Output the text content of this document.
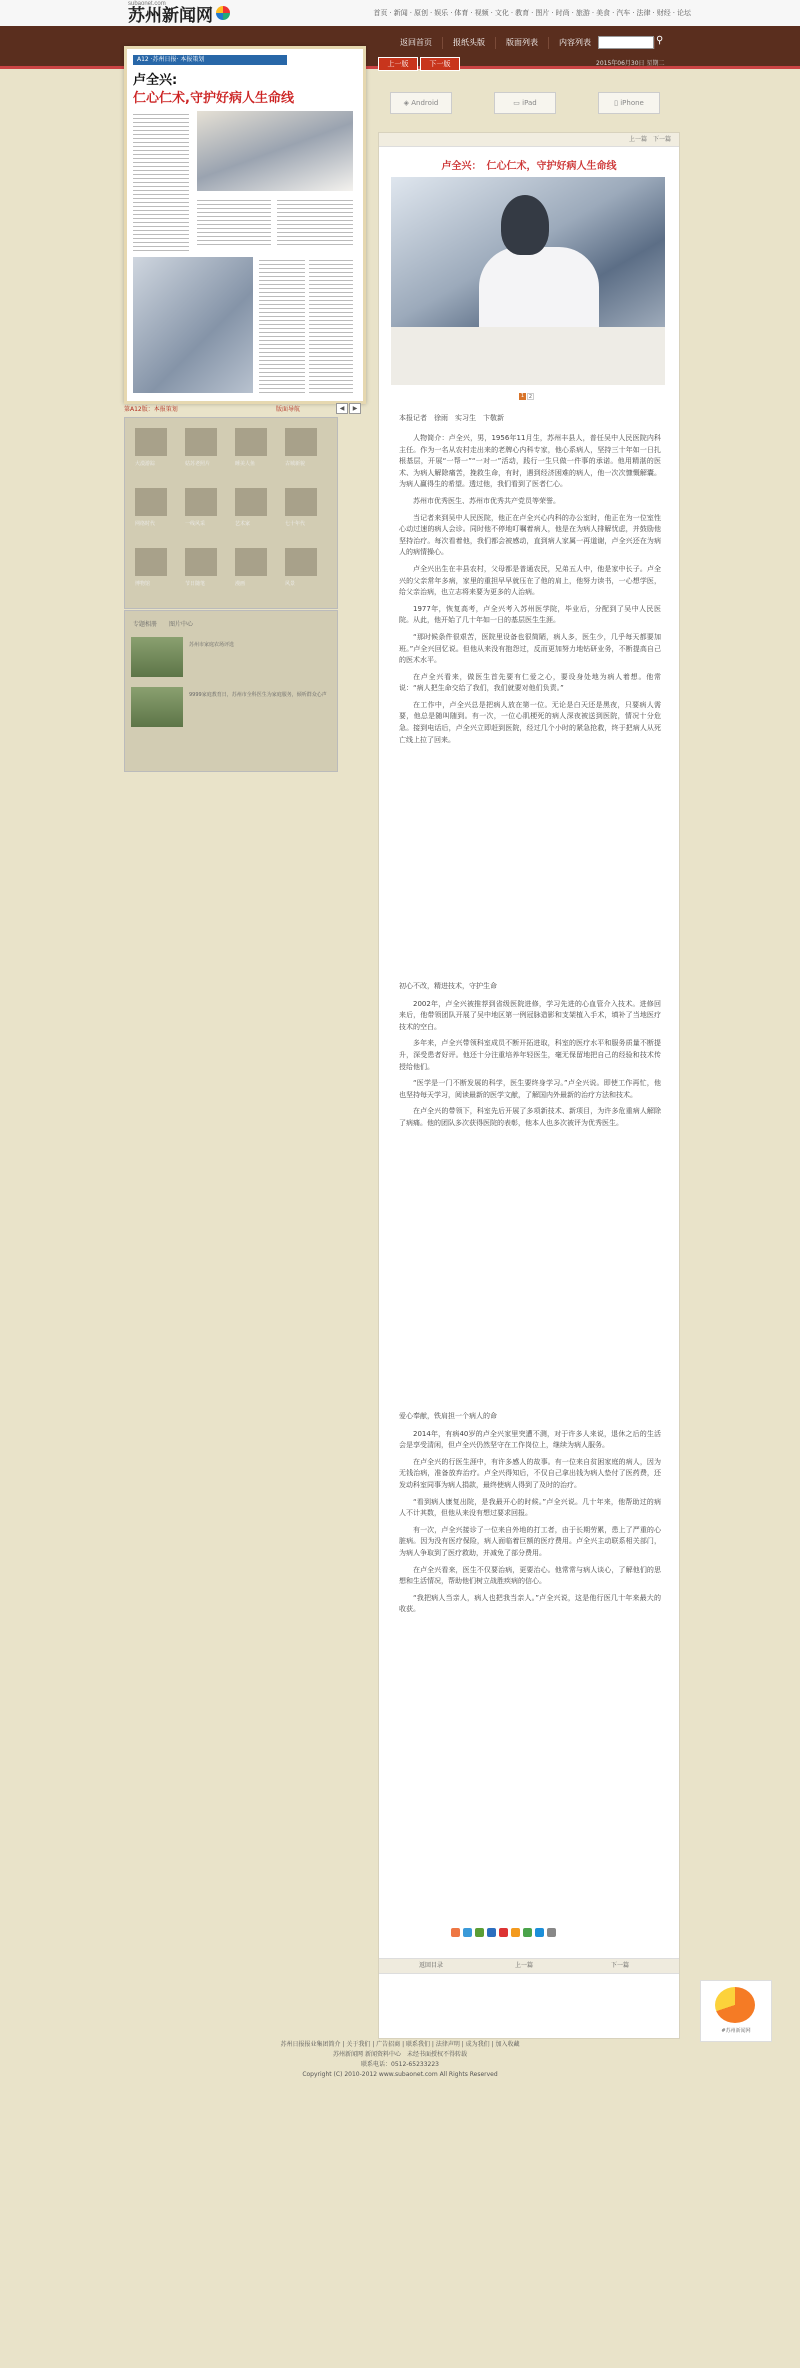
subaonet.com
苏州新闻网	首页 · 新闻 · 原创 · 娱乐 · 体育 · 视频 · 文化 · 教育 · 图片 · 时尚 · 旅游 · 美食 · 汽车 · 法律 · 财经 · 论坛
返回首页	报纸头版	版面列表	内容列表	⚲
上一版	下一版	2015年06月30日 星期二
A12 ·苏州日报· 本报策划
卢全兴:
仁心仁术,守护好病人生命线
第A12版：本报策划	版面导航	◀	▶
大漠游踪	姑苏老照片	睡美人鱼	古城新貌
网络时代	一线风采	艺术家	七十年代
博物馆	节日随笔	漫画	风景
专题相册　　图片中心
苏州市家庭农场评选
9999家庭教育日，苏州市全科医生为家庭服务，倾听群众心声
◈ Android	▭ iPad	▯ iPhone
上一篇　下一篇
卢全兴：　仁心仁术，守护好病人生命线
1 2
本报记者　徐雨　实习生　卞敬新

人物简介：卢全兴，男，1956年11月生，苏州丰县人，普任吴中人民医院内科主任。作为一名从农村走出来的老牌心内科专家，他心系病人，坚持三十年如一日扎根基层，开展“一帮一”“一对一”活动，践行一生只做一件事的承诺。他用精湛的医术、为病人解除痛苦，挽救生命，有时，遇到经济困难的病人，他一次次慷慨解囊。为病人赢得生的希望。透过他，我们看到了医者仁心。

苏州市优秀医生、苏州市优秀共产党员等荣誉。

当记者来到吴中人民医院，他正在卢全兴心内科的办公室时，他正在为一位室性心动过速的病人会诊。同时他不停地叮嘱着病人，他是在为病人排解忧虑，并鼓励他坚持治疗。每次看着他，我们都会被感动，直到病人家属一再道谢，卢全兴还在为病人的病情操心。

卢全兴出生在丰县农村，父母都是普通农民，兄弟五人中，他是家中长子。卢全兴的父亲常年多病，家里的重担早早就压在了他的肩上，他努力读书，一心想学医，给父亲治病，也立志将来要为更多的人治病。

1977年，恢复高考，卢全兴考入苏州医学院，毕业后，分配到了吴中人民医院。从此，他开始了几十年如一日的基层医生生涯。

“那时候条件很艰苦，医院里设备也很简陋，病人多，医生少，几乎每天都要加班。”卢全兴回忆说。但他从来没有抱怨过，反而更加努力地钻研业务，不断提高自己的医术水平。

在卢全兴看来，做医生首先要有仁爱之心，要设身处地为病人着想。他常说：“病人把生命交给了我们，我们就要对他们负责。”

在工作中，卢全兴总是把病人放在第一位。无论是白天还是黑夜，只要病人需要，他总是随叫随到。有一次，一位心肌梗死的病人深夜被送到医院，情况十分危急。接到电话后，卢全兴立即赶到医院，经过几个小时的紧急抢救，终于把病人从死亡线上拉了回来。

初心不改，精进技术，守护生命

2002年，卢全兴被推荐到省级医院进修，学习先进的心血管介入技术。进修回来后，他带领团队开展了吴中地区第一例冠脉造影和支架植入手术，填补了当地医疗技术的空白。

多年来，卢全兴带领科室成员不断开拓进取，科室的医疗水平和服务质量不断提升，深受患者好评。他还十分注重培养年轻医生，毫无保留地把自己的经验和技术传授给他们。

“医学是一门不断发展的科学，医生要终身学习。”卢全兴说。即使工作再忙，他也坚持每天学习，阅读最新的医学文献，了解国内外最新的治疗方法和技术。

在卢全兴的带领下，科室先后开展了多项新技术、新项目，为许多危重病人解除了病痛。他的团队多次获得医院的表彰，他本人也多次被评为优秀医生。

爱心奉献，铁肩担一个病人的命

2014年，有病40岁的卢全兴家里突遭不测，对于许多人来说，退休之后的生活会是享受清闲，但卢全兴仍然坚守在工作岗位上，继续为病人服务。

在卢全兴的行医生涯中，有许多感人的故事。有一位来自贫困家庭的病人，因为无钱治病，准备放弃治疗。卢全兴得知后，不仅自己拿出钱为病人垫付了医药费，还发动科室同事为病人捐款，最终使病人得到了及时的治疗。

“看到病人康复出院，是我最开心的时候。”卢全兴说。几十年来，他帮助过的病人不计其数，但他从来没有想过要求回报。

有一次，卢全兴接诊了一位来自外地的打工者，由于长期劳累，患上了严重的心脏病。因为没有医疗保险，病人面临着巨额的医疗费用。卢全兴主动联系相关部门，为病人争取到了医疗救助，并减免了部分费用。

在卢全兴看来，医生不仅要治病，更要治心。他常常与病人谈心，了解他们的思想和生活情况，帮助他们树立战胜疾病的信心。

“我把病人当亲人，病人也把我当亲人。”卢全兴说，这是他行医几十年来最大的收获。

返回目录	上一篇	下一篇
苏州日报报业集团简介 | 关于我们 | 广告招商 | 联系我们 | 法律声明 | 成为我们 | 加入收藏
苏州新闻网 新闻资料中心　未经书面授权不得转载
联系电话：0512-65233223
Copyright (C) 2010-2012 www.subaonet.com All Rights Reserved
#苏州新闻网
